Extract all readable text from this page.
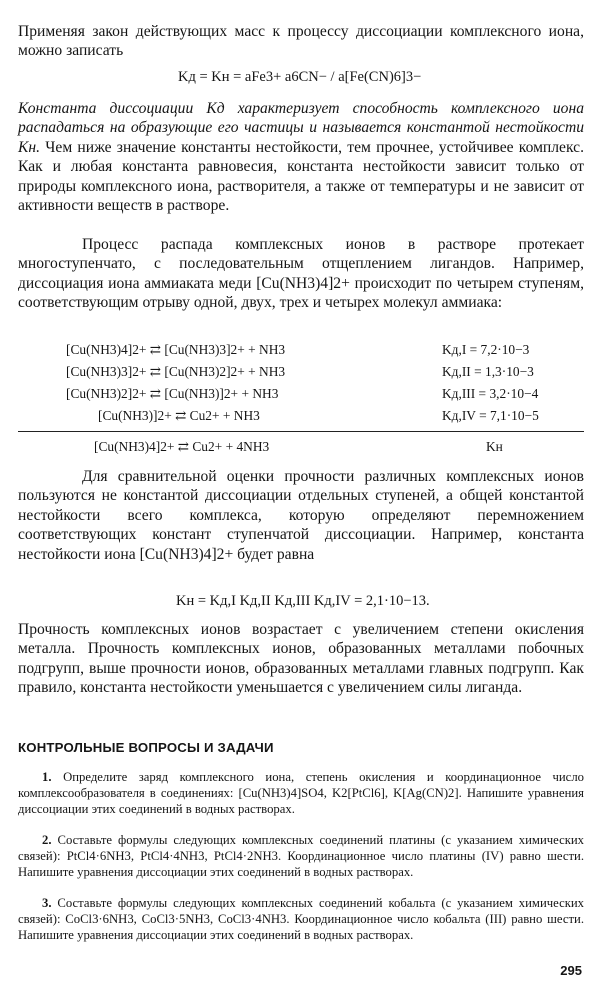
Применяя закон действующих масс к процессу диссоциации комплексного иона, можно записать
Kд = Kн = aFe3+ a6CN− / a[Fe(CN)6]3−
Константа диссоциации Kд характеризует способность комплексного иона распадаться на образующие его частицы и называется константой нестойкости Kн. Чем ниже значение константы нестойкости, тем прочнее, устойчивее комплекс. Как и любая константа равновесия, константа нестойкости зависит только от природы комплексного иона, растворителя, а также от температуры и не зависит от активности веществ в растворе.
Процесс распада комплексных ионов в растворе протекает многоступенчато, с последовательным отщеплением лигандов. Например, диссоциация иона аммиаката меди [Cu(NH3)4]2+ происходит по четырем ступеням, соответствующим отрыву одной, двух, трех и четырех молекул аммиака:
[Cu(NH3)4]2+ ⇄ [Cu(NH3)3]2+ + NH3	Kд,I = 7,2·10−3
[Cu(NH3)3]2+ ⇄ [Cu(NH3)2]2+ + NH3	Kд,II = 1,3·10−3
[Cu(NH3)2]2+ ⇄ [Cu(NH3)]2+ + NH3	Kд,III = 3,2·10−4
[Cu(NH3)]2+ ⇄ Cu2+ + NH3	Kд,IV = 7,1·10−5
[Cu(NH3)4]2+ ⇄ Cu2+ + 4NH3	Kн
Для сравнительной оценки прочности различных комплексных ионов пользуются не константой диссоциации отдельных ступеней, а общей константой нестойкости всего комплекса, которую определяют перемножением соответствующих констант ступенчатой диссоциации. Например, константа нестойкости иона [Cu(NH3)4]2+ будет равна
Kн = Kд,I Kд,II Kд,III Kд,IV = 2,1·10−13.
Прочность комплексных ионов возрастает с увеличением степени окисления металла. Прочность комплексных ионов, образованных металлами побочных подгрупп, выше прочности ионов, образованных металлами главных подгрупп. Как правило, константа нестойкости уменьшается с увеличением силы лиганда.
КОНТРОЛЬНЫЕ ВОПРОСЫ И ЗАДАЧИ
1. Определите заряд комплексного иона, степень окисления и координационное число комплексообразователя в соединениях: [Cu(NH3)4]SO4, K2[PtCl6], K[Ag(CN)2]. Напишите уравнения диссоциации этих соединений в водных растворах.
2. Составьте формулы следующих комплексных соединений платины (с указанием химических связей): PtCl4·6NH3, PtCl4·4NH3, PtCl4·2NH3. Координационное число платины (IV) равно шести. Напишите уравнения диссоциации этих соединений в водных растворах.
3. Составьте формулы следующих комплексных соединений кобальта (с указанием химических связей): CoCl3·6NH3, CoCl3·5NH3, CoCl3·4NH3. Координационное число кобальта (III) равно шести. Напишите уравнения диссоциации этих соединений в водных растворах.
295
